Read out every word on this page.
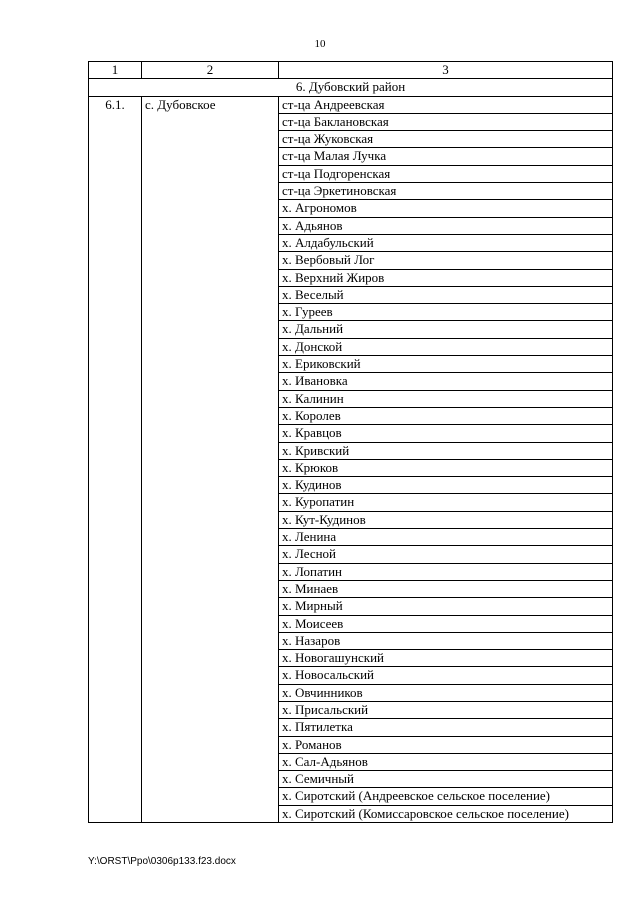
10
1	2	3
6. Дубовский район		
6.1.	с. Дубовское	ст-ца Андреевская
		ст-ца Баклановская
		ст-ца Жуковская
		ст-ца Малая Лучка
		ст-ца Подгоренская
		ст-ца Эркетиновская
		х. Агрономов
		х. Адьянов
		х. Алдабульский
		х. Вербовый Лог
		х. Верхний Жиров
		х. Веселый
		х. Гуреев
		х. Дальний
		х. Донской
		х. Ериковский
		х. Ивановка
		х. Калинин
		х. Королев
		х. Кравцов
		х. Кривский
		х. Крюков
		х. Кудинов
		х. Куропатин
		х. Кут-Кудинов
		х. Ленина
		х. Лесной
		х. Лопатин
		х. Минаев
		х. Мирный
		х. Моисеев
		х. Назаров
		х. Новогашунский
		х. Новосальский
		х. Овчинников
		х. Присальский
		х. Пятилетка
		х. Романов
		х. Сал-Адьянов
		х. Семичный
		х. Сиротский (Андреевское сельское поселение)
		х. Сиротский (Комиссаровское сельское поселение)
Y:\ORST\Ppo\0306p133.f23.docx
